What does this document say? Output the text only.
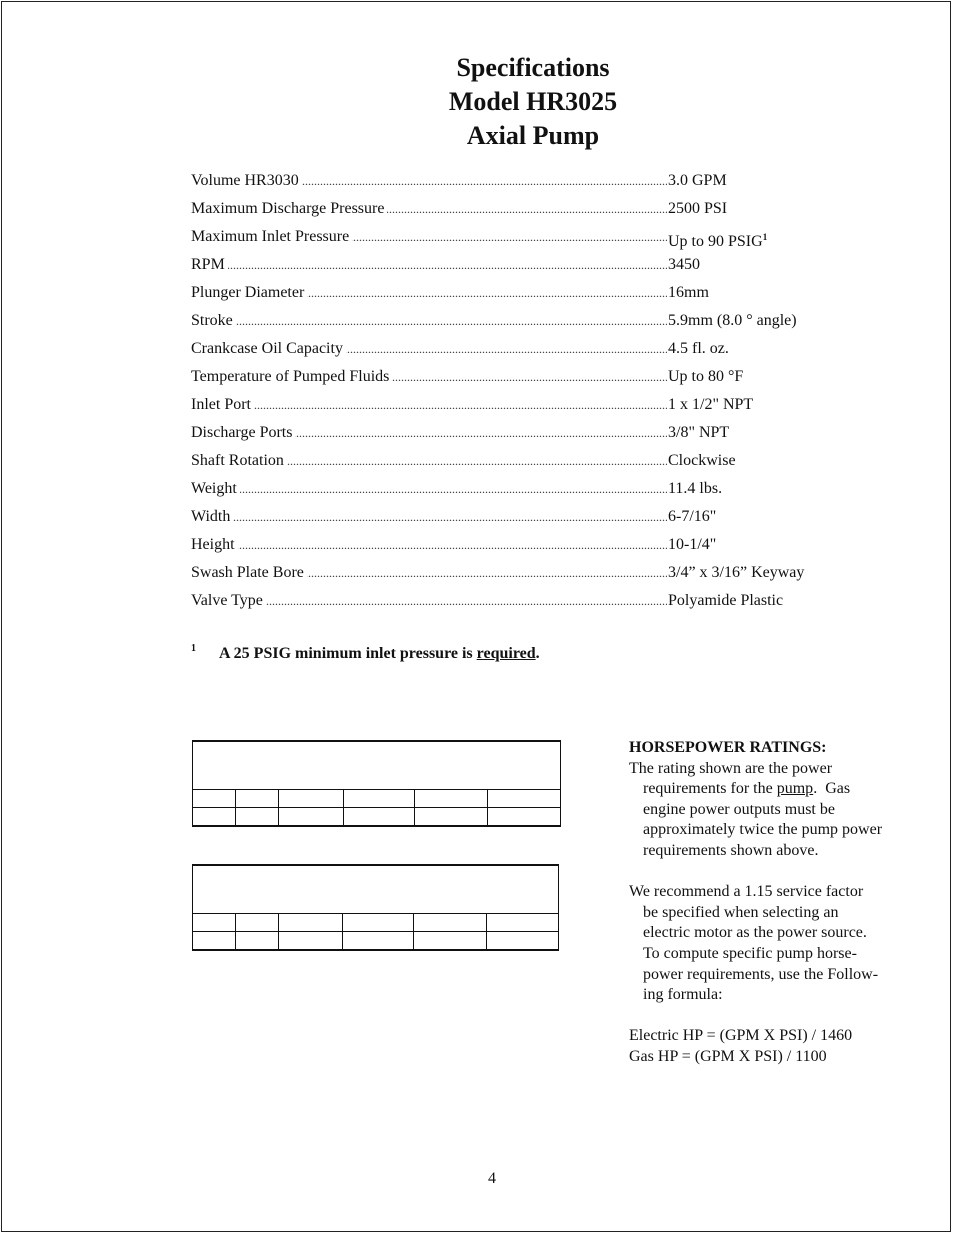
Specifications
Model HR3025
Axial Pump
Volume HR3030 .....	3.0 GPM
Maximum Discharge Pressure .....	2500 PSI
Maximum Inlet Pressure .....	Up to 90 PSIG$^1$
RPM .....	3450
Plunger Diameter .....	16mm
Stroke .....	5.9mm (8.0 ° angle)
Crankcase Oil Capacity .....	4.5 fl. oz.
Temperature of Pumped Fluids .....	Up to 80 °F
Inlet Port .....	1 x 1/2" NPT
Discharge Ports .....	3/8" NPT
Shaft Rotation .....	Clockwise
Weight .....	11.4 lbs.
Width .....	6-7/16"
Height .....	10-1/4"
Swash Plate Bore .....	3/4” x 3/16” Keyway
Valve Type .....	Polyamide Plastic
1 A 25 PSIG minimum inlet pressure is required.

HORSEPOWER RATINGS:
The rating shown are the power
requirements for the pump.  Gas
engine power outputs must be
approximately twice the pump power
requirements shown above.
We recommend a 1.15 service factor
be specified when selecting an
electric motor as the power source.
To compute specific pump horse-
power requirements, use the Follow-
ing formula:
Electric HP = (GPM X PSI) / 1460
Gas HP = (GPM X PSI) / 1100
4
